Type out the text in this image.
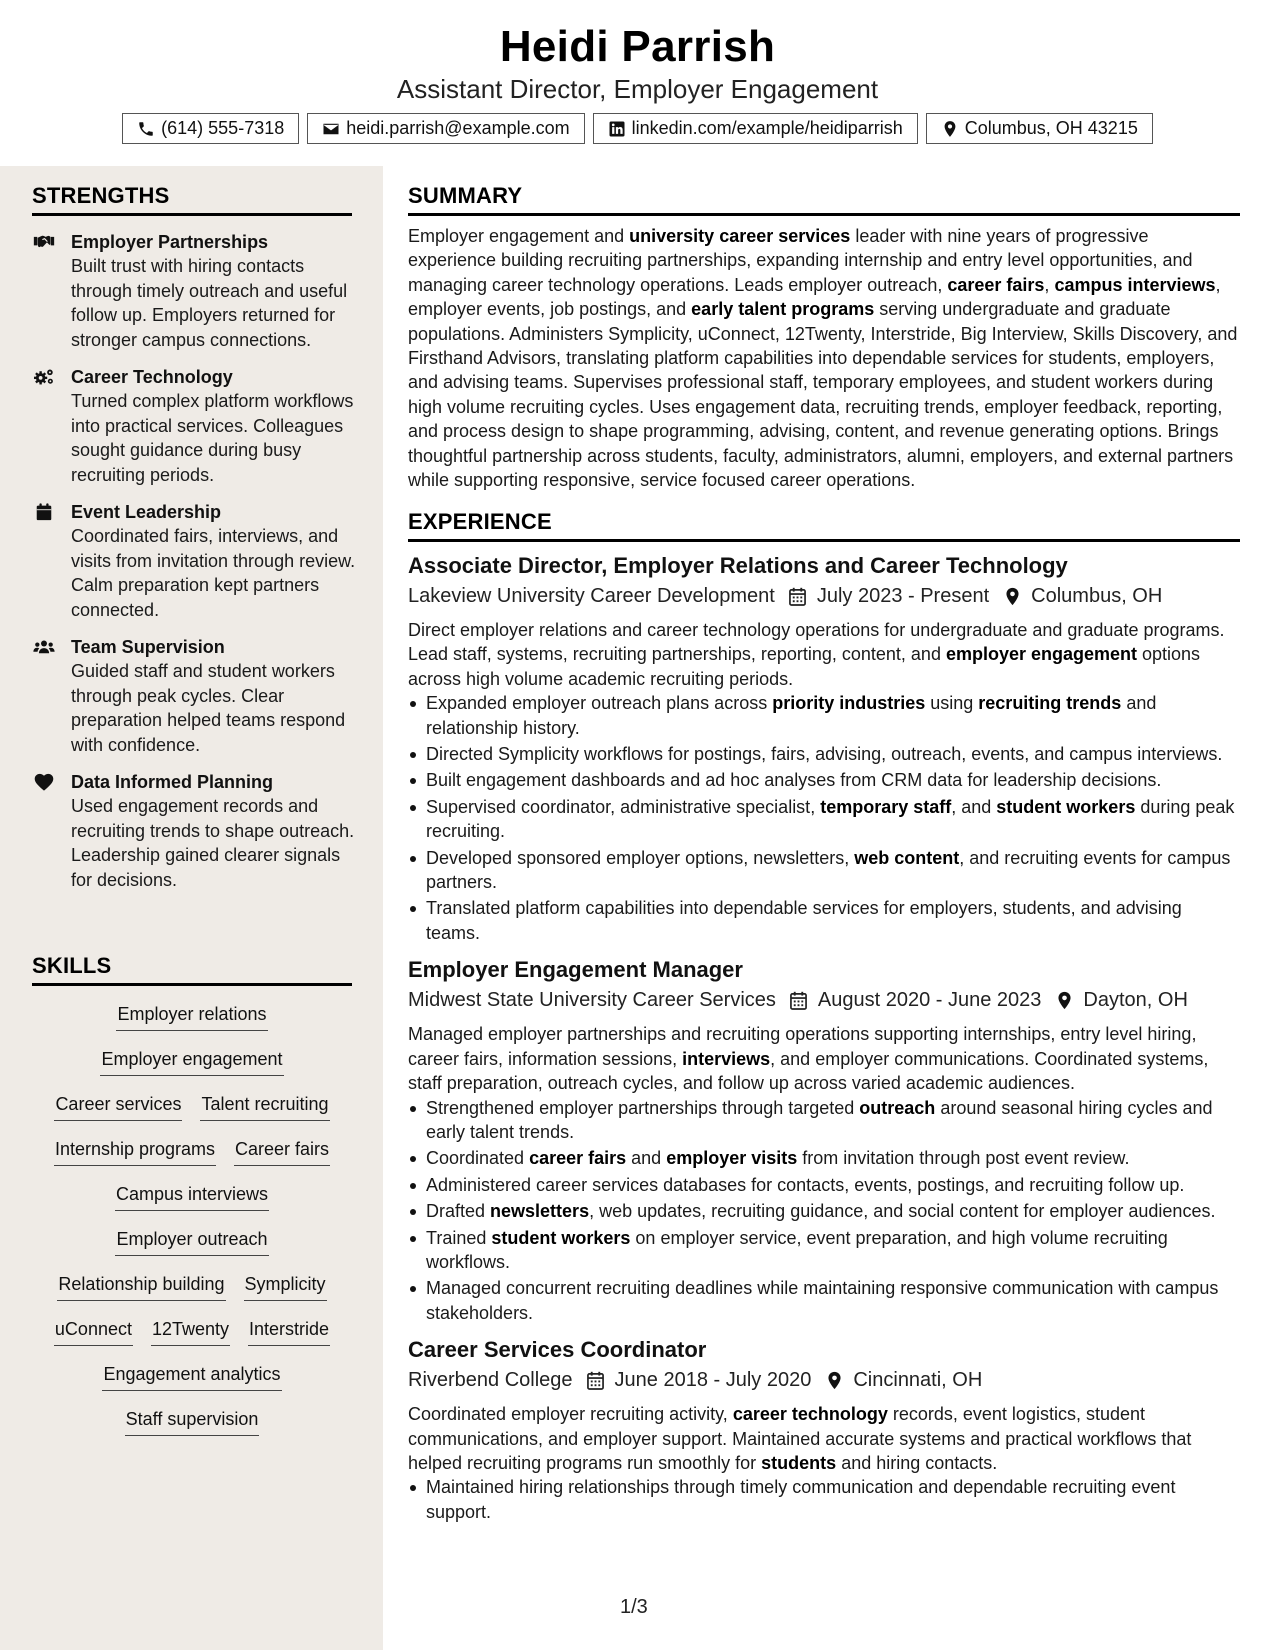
Heidi Parrish
Assistant Director, Employer Engagement
(614) 555-7318	heidi.parrish@example.com	linkedin.com/example/heidiparrish	Columbus, OH 43215
STRENGTHS
Employer Partnerships
Built trust with hiring contacts through timely outreach and useful follow up. Employers returned for stronger campus connections.
Career Technology
Turned complex platform workflows into practical services. Colleagues sought guidance during busy recruiting periods.
Event Leadership
Coordinated fairs, interviews, and visits from invitation through review. Calm preparation kept partners connected.
Team Supervision
Guided staff and student workers through peak cycles. Clear preparation helped teams respond with confidence.
Data Informed Planning
Used engagement records and recruiting trends to shape outreach. Leadership gained clearer signals for decisions.
SKILLS
Employer relations
Employer engagement
Career services Talent recruiting
Internship programs Career fairs
Campus interviews
Employer outreach
Relationship building Symplicity
uConnect 12Twenty Interstride
Engagement analytics
Staff supervision
SUMMARY
Employer engagement and university career services leader with nine years of progressive experience building recruiting partnerships, expanding internship and entry level opportunities, and managing career technology operations. Leads employer outreach, career fairs, campus interviews, employer events, job postings, and early talent programs serving undergraduate and graduate populations. Administers Symplicity, uConnect, 12Twenty, Interstride, Big Interview, Skills Discovery, and Firsthand Advisors, translating platform capabilities into dependable services for students, employers, and advising teams. Supervises professional staff, temporary employees, and student workers during high volume recruiting cycles. Uses engagement data, recruiting trends, employer feedback, reporting, and process design to shape programming, advising, content, and revenue generating options. Brings thoughtful partnership across students, faculty, administrators, alumni, employers, and external partners while supporting responsive, service focused career operations.
EXPERIENCE
Associate Director, Employer Relations and Career Technology
Lakeview University Career Development July 2023 - Present Columbus, OH
Direct employer relations and career technology operations for undergraduate and graduate programs. Lead staff, systems, recruiting partnerships, reporting, content, and employer engagement options across high volume academic recruiting periods.
Expanded employer outreach plans across priority industries using recruiting trends and relationship history.
Directed Symplicity workflows for postings, fairs, advising, outreach, events, and campus interviews.
Built engagement dashboards and ad hoc analyses from CRM data for leadership decisions.
Supervised coordinator, administrative specialist, temporary staff, and student workers during peak recruiting.
Developed sponsored employer options, newsletters, web content, and recruiting events for campus partners.
Translated platform capabilities into dependable services for employers, students, and advising teams.
Employer Engagement Manager
Midwest State University Career Services August 2020 - June 2023 Dayton, OH
Managed employer partnerships and recruiting operations supporting internships, entry level hiring, career fairs, information sessions, interviews, and employer communications. Coordinated systems, staff preparation, outreach cycles, and follow up across varied academic audiences.
Strengthened employer partnerships through targeted outreach around seasonal hiring cycles and early talent trends.
Coordinated career fairs and employer visits from invitation through post event review.
Administered career services databases for contacts, events, postings, and recruiting follow up.
Drafted newsletters, web updates, recruiting guidance, and social content for employer audiences.
Trained student workers on employer service, event preparation, and high volume recruiting workflows.
Managed concurrent recruiting deadlines while maintaining responsive communication with campus stakeholders.
Career Services Coordinator
Riverbend College June 2018 - July 2020 Cincinnati, OH
Coordinated employer recruiting activity, career technology records, event logistics, student communications, and employer support. Maintained accurate systems and practical workflows that helped recruiting programs run smoothly for students and hiring contacts.
Maintained hiring relationships through timely communication and dependable recruiting event support.
1/3
